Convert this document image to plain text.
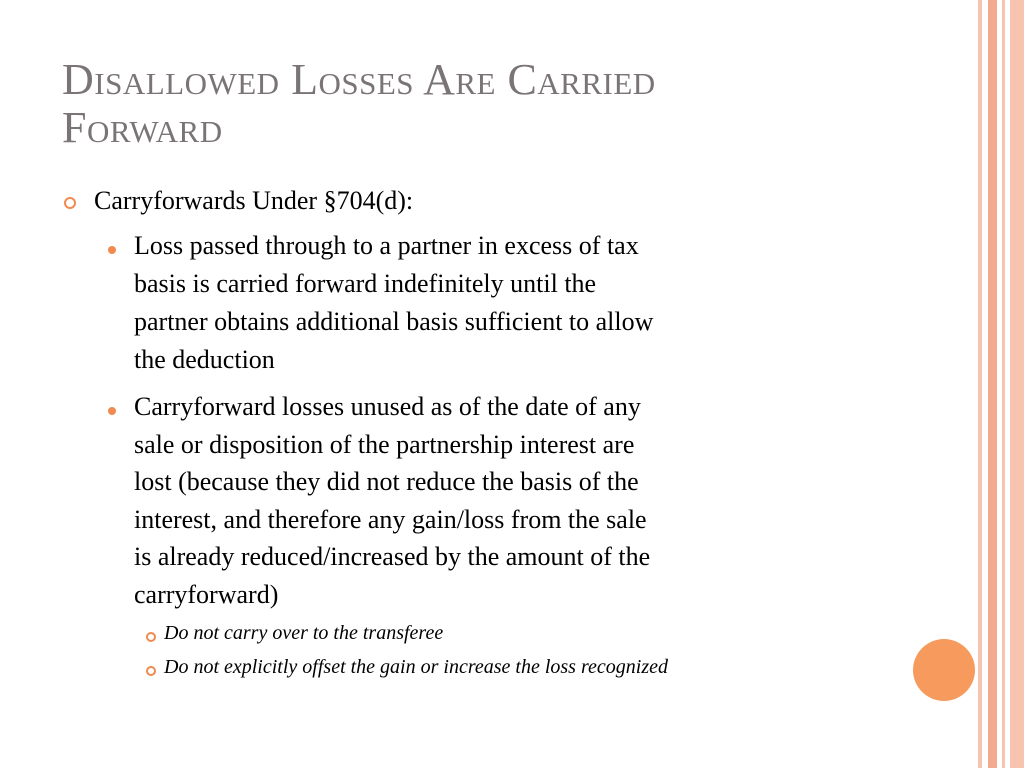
Disallowed Losses Are Carried
Forward

Carryforwards Under §704(d):

Loss passed through to a partner in excess of tax

basis is carried forward indefinitely until the

partner obtains additional basis sufficient to allow

the deduction

Carryforward losses unused as of the date of any

sale or disposition of the partnership interest are

lost (because they did not reduce the basis of the

interest, and therefore any gain/loss from the sale

is already reduced/increased by the amount of the

carryforward)

Do not carry over to the transferee

Do not explicitly offset the gain or increase the loss recognized
